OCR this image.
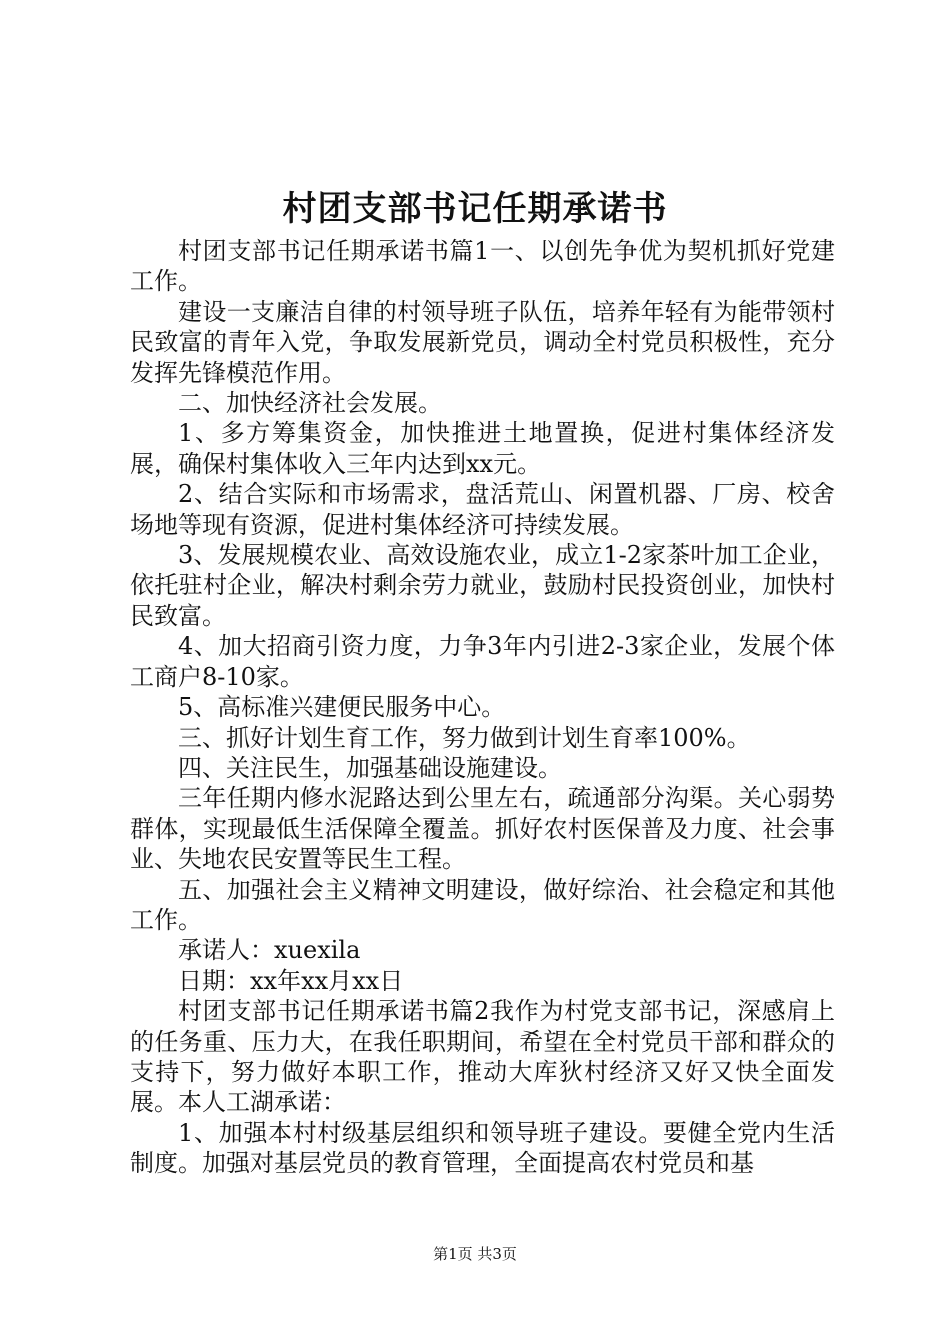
村团支部书记任期承诺书

村团支部书记任期承诺书篇1一、以创先争优为契机抓好党建工作。

建设一支廉洁自律的村领导班子队伍，培养年轻有为能带领村民致富的青年入党，争取发展新党员，调动全村党员积极性，充分发挥先锋模范作用。

二、加快经济社会发展。

1、多方筹集资金，加快推进土地置换，促进村集体经济发展，确保村集体收入三年内达到xx元。

2、结合实际和市场需求，盘活荒山、闲置机器、厂房、校舍场地等现有资源，促进村集体经济可持续发展。

3、发展规模农业、高效设施农业，成立1-2家茶叶加工企业，依托驻村企业，解决村剩余劳力就业，鼓励村民投资创业，加快村民致富。

4、加大招商引资力度，力争3年内引进2-3家企业，发展个体工商户8-10家。

5、高标准兴建便民服务中心。

三、抓好计划生育工作，努力做到计划生育率100%。

四、关注民生，加强基础设施建设。

三年任期内修水泥路达到公里左右，疏通部分沟渠。关心弱势群体，实现最低生活保障全覆盖。抓好农村医保普及力度、社会事业、失地农民安置等民生工程。

五、加强社会主义精神文明建设，做好综治、社会稳定和其他工作。

承诺人：xuexila

日期：xx年xx月xx日

村团支部书记任期承诺书篇2我作为村党支部书记，深感肩上的任务重、压力大，在我任职期间，希望在全村党员干部和群众的支持下，努力做好本职工作，推动大库狄村经济又好又快全面发展。本人工湖承诺：

1、加强本村村级基层组织和领导班子建设。要健全党内生活制度。加强对基层党员的教育管理，全面提高农村党员和基

第1页 共3页
